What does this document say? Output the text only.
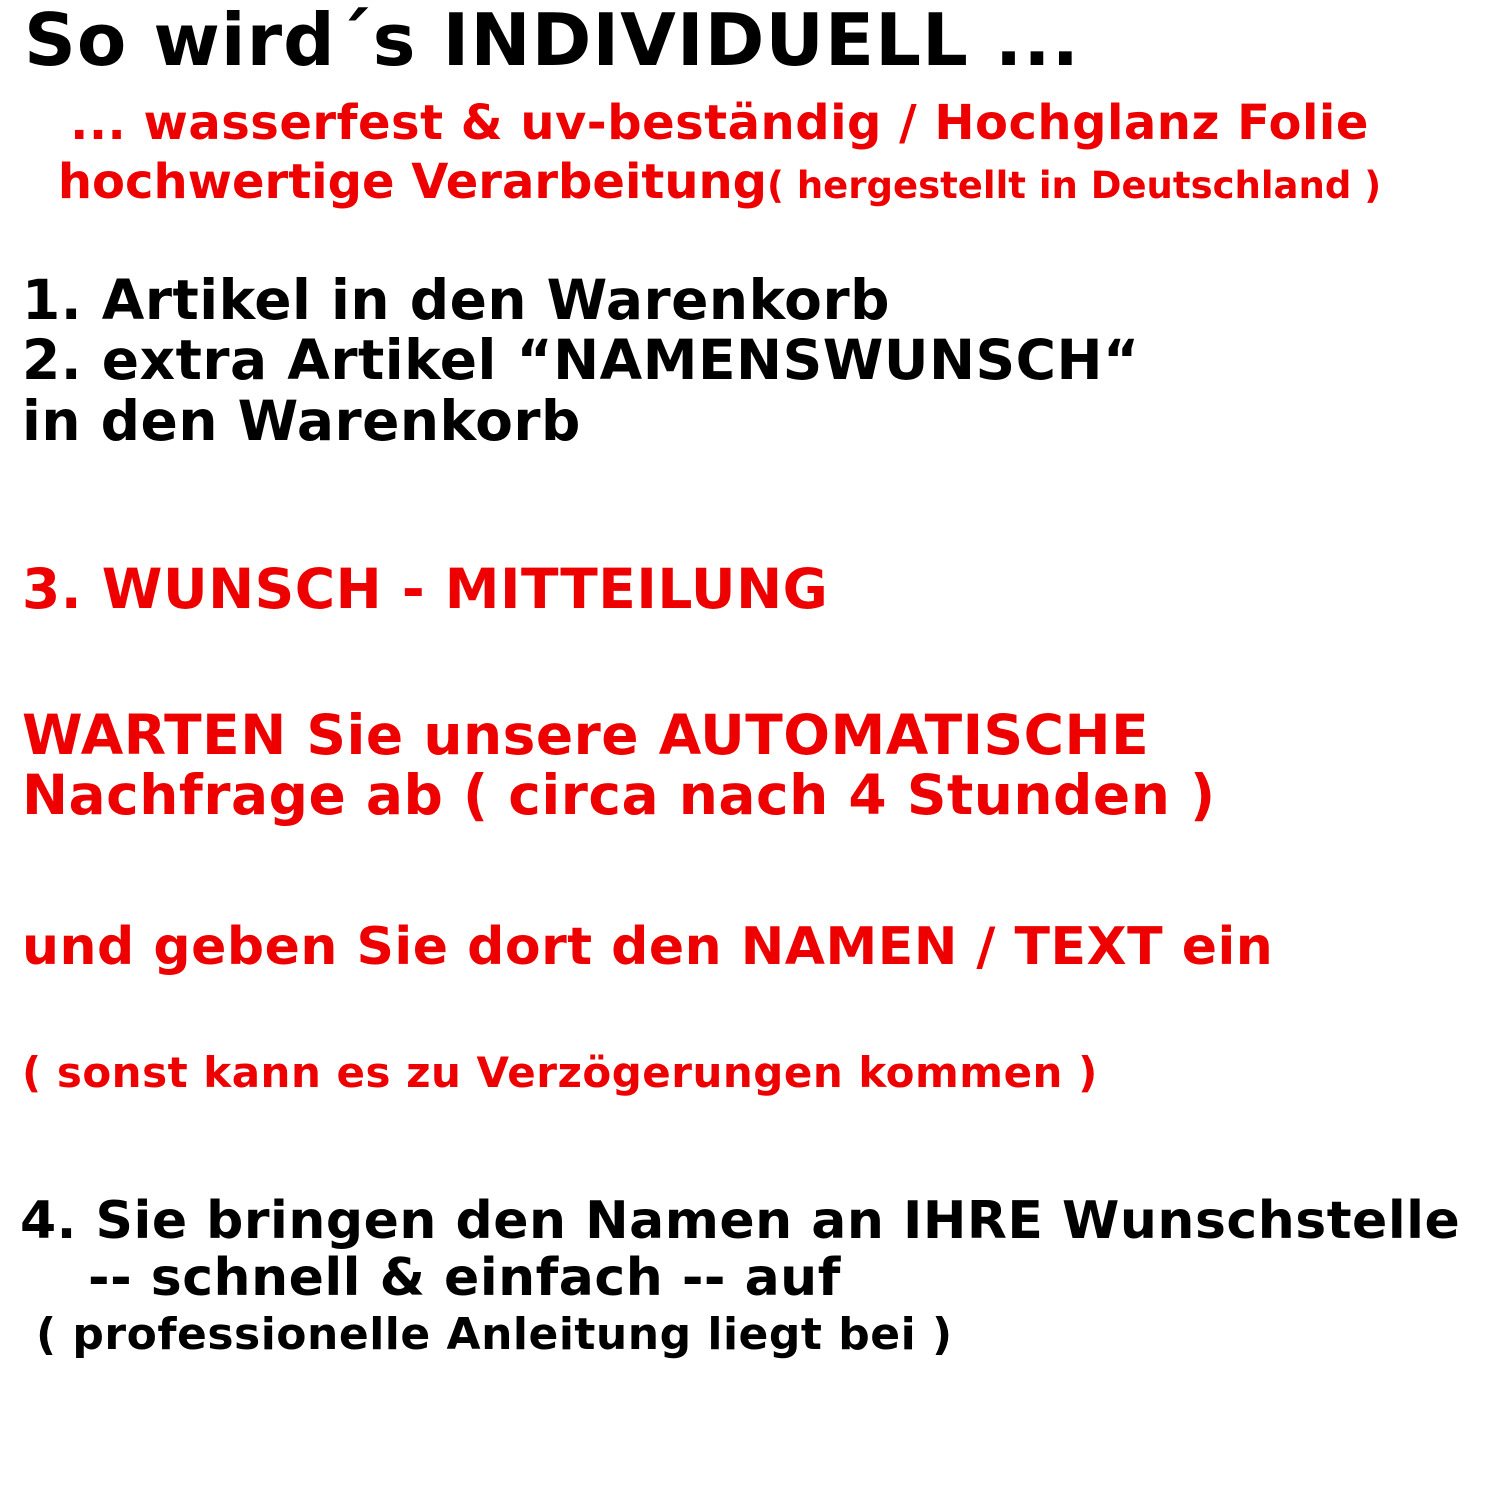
So wird´s INDIVIDUELL ...
... wasserfest & uv-beständig / Hochglanz Folie
hochwertige Verarbeitung( hergestellt in Deutschland )
1. Artikel in den Warenkorb
2. extra Artikel “NAMENSWUNSCH“
in den Warenkorb
3. WUNSCH - MITTEILUNG
WARTEN Sie unsere AUTOMATISCHE
Nachfrage ab ( circa nach 4 Stunden )
und geben Sie dort den NAMEN / TEXT ein
( sonst kann es zu Verzögerungen kommen )
4. Sie bringen den Namen an IHRE Wunschstelle
-- schnell & einfach -- auf
( professionelle Anleitung liegt bei )
